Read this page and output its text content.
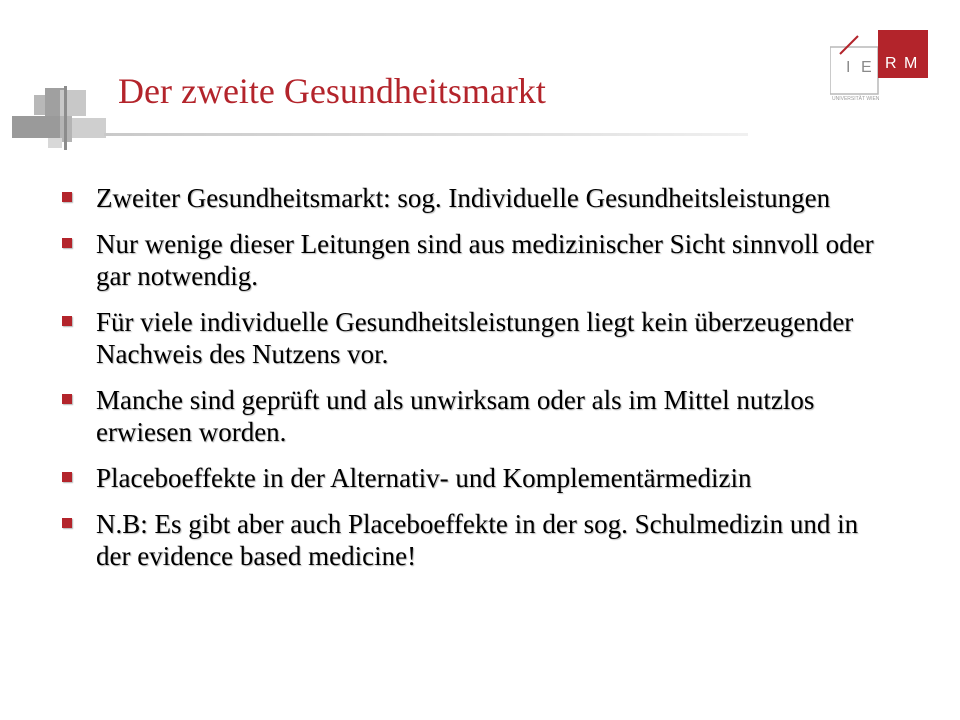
Der zweite Gesundheitsmarkt
I E R M
UNIVERSITÄT WIEN
Zweiter Gesundheitsmarkt: sog. Individuelle Gesundheitsleistungen
Nur wenige dieser Leitungen sind aus medizinischer Sicht sinnvoll oder gar notwendig.
Für viele individuelle Gesundheitsleistungen liegt kein überzeugender Nachweis des Nutzens vor.
Manche sind geprüft und als unwirksam oder als im Mittel nutzlos erwiesen worden.
Placeboeffekte in der Alternativ- und Komplementärmedizin
N.B: Es gibt aber auch Placeboeffekte in der sog. Schulmedizin und in der evidence based medicine!
